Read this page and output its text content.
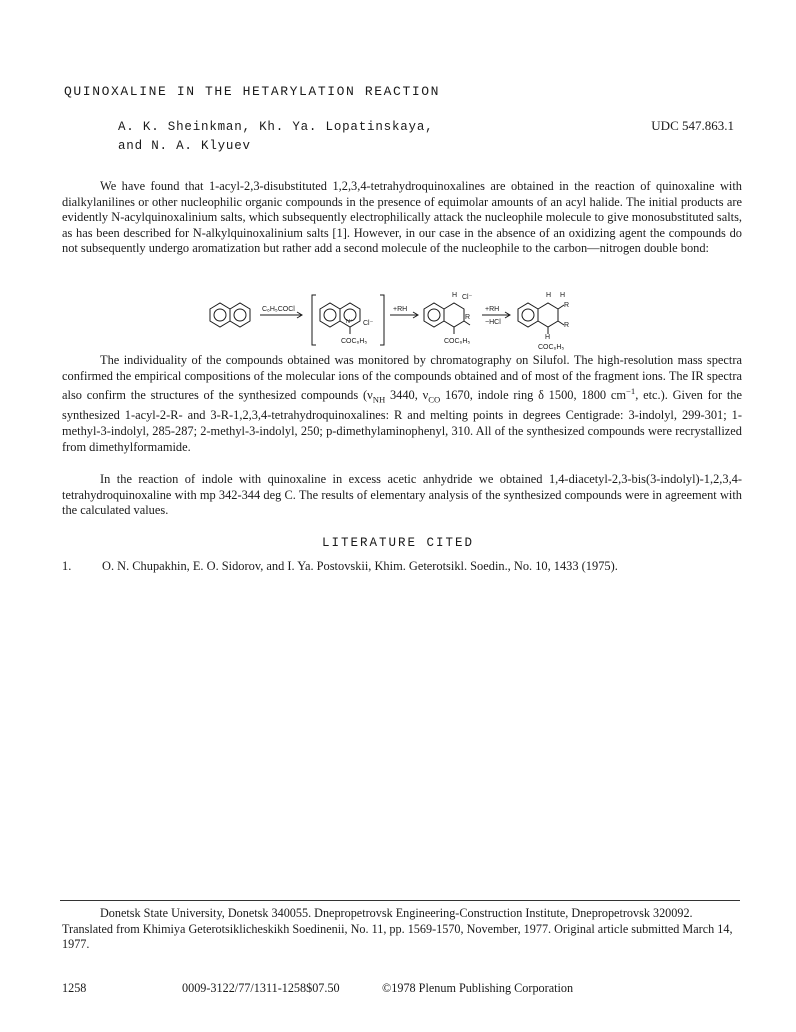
QUINOXALINE IN THE HETARYLATION REACTION
A. K. Sheinkman, Kh. Ya. Lopatinskaya,
and N. A. Klyuev
UDC 547.863.1
We have found that 1-acyl-2,3-disubstituted 1,2,3,4-tetrahydroquinoxalines are obtained in the reaction of quinoxaline with dialkylanilines or other nucleophilic organic compounds in the presence of equimolar amounts of an acyl halide. The initial products are evidently N-acylquinoxalinium salts, which subsequently electrophilically attack the nucleophile molecule to give monosubstituted salts, as has been described for N-alkylquinoxalinium salts [1]. However, in our case in the absence of an oxidizing agent the compounds do not subsequently undergo aromatization but rather add a second molecule of the nucleophile to the carbon—nitrogen double bond:
C₆H₅COCl
N⁺ Cl⁻
COC₆H₅
+RH
H Cl⁻
R
COC₆H₅
+RH
−HCl
H H
R
R
H
COC₆H₅
The individuality of the compounds obtained was monitored by chromatography on Silufol. The high-resolution mass spectra confirmed the empirical compositions of the molecular ions of the compounds obtained and of most of the fragment ions. The IR spectra also confirm the structures of the synthesized compounds ($\nu_{NH}$ 3440, $\nu_{CO}$ 1670, indole ring δ 1500, 1800 $cm^{-1}$, etc.). Given for the synthesized 1-acyl-2-R- and 3-R-1,2,3,4-tetrahydroquinoxalines: R and melting points in degrees Centigrade: 3-indolyl, 299-301; 1-methyl-3-indolyl, 285-287; 2-methyl-3-indolyl, 250; p-dimethylaminophenyl, 310. All of the synthesized compounds were recrystallized from dimethylformamide.
In the reaction of indole with quinoxaline in excess acetic anhydride we obtained 1,4-diacetyl-2,3-bis(3-indolyl)-1,2,3,4-tetrahydroquinoxaline with mp 342-344 deg C. The results of elementary analysis of the synthesized compounds were in agreement with the calculated values.
LITERATURE CITED
1. O. N. Chupakhin, E. O. Sidorov, and I. Ya. Postovskii, Khim. Geterotsikl. Soedin., No. 10, 1433 (1975).
Donetsk State University, Donetsk 340055. Dnepropetrovsk Engineering-Construction Institute, Dnepropetrovsk 320092. Translated from Khimiya Geterotsiklicheskikh Soedinenii, No. 11, pp. 1569-1570, November, 1977. Original article submitted March 14, 1977.
1258	0009-3122/77/1311-1258$07.50	©1978 Plenum Publishing Corporation
